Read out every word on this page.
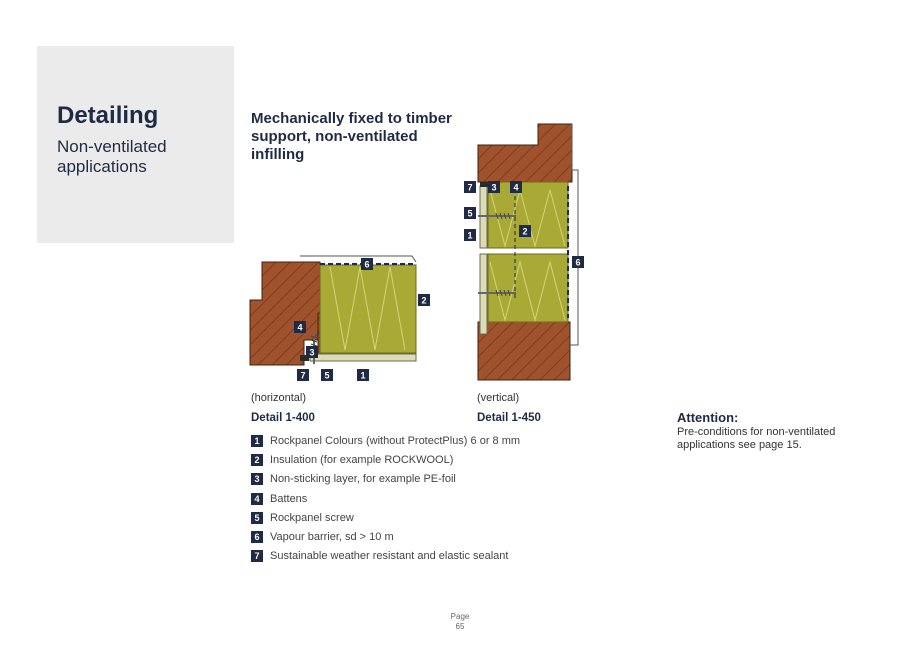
Detailing
Non-ventilated applications
Mechanically fixed to timber support, non-ventilated infilling
6
2
4
3
7 5	1
7 3 4
5
2
1
6
(horizontal)
Detail 1-400
(vertical)
Detail 1-450
1 Rockpanel Colours (without ProtectPlus) 6 or 8 mm
2 Insulation (for example ROCKWOOL)
3 Non-sticking layer, for example PE-foil
4 Battens
5 Rockpanel screw
6 Vapour barrier, sd > 10 m
7 Sustainable weather resistant and elastic sealant
Attention:
Pre-conditions for non-ventilated applications see page 15.
Page
65
